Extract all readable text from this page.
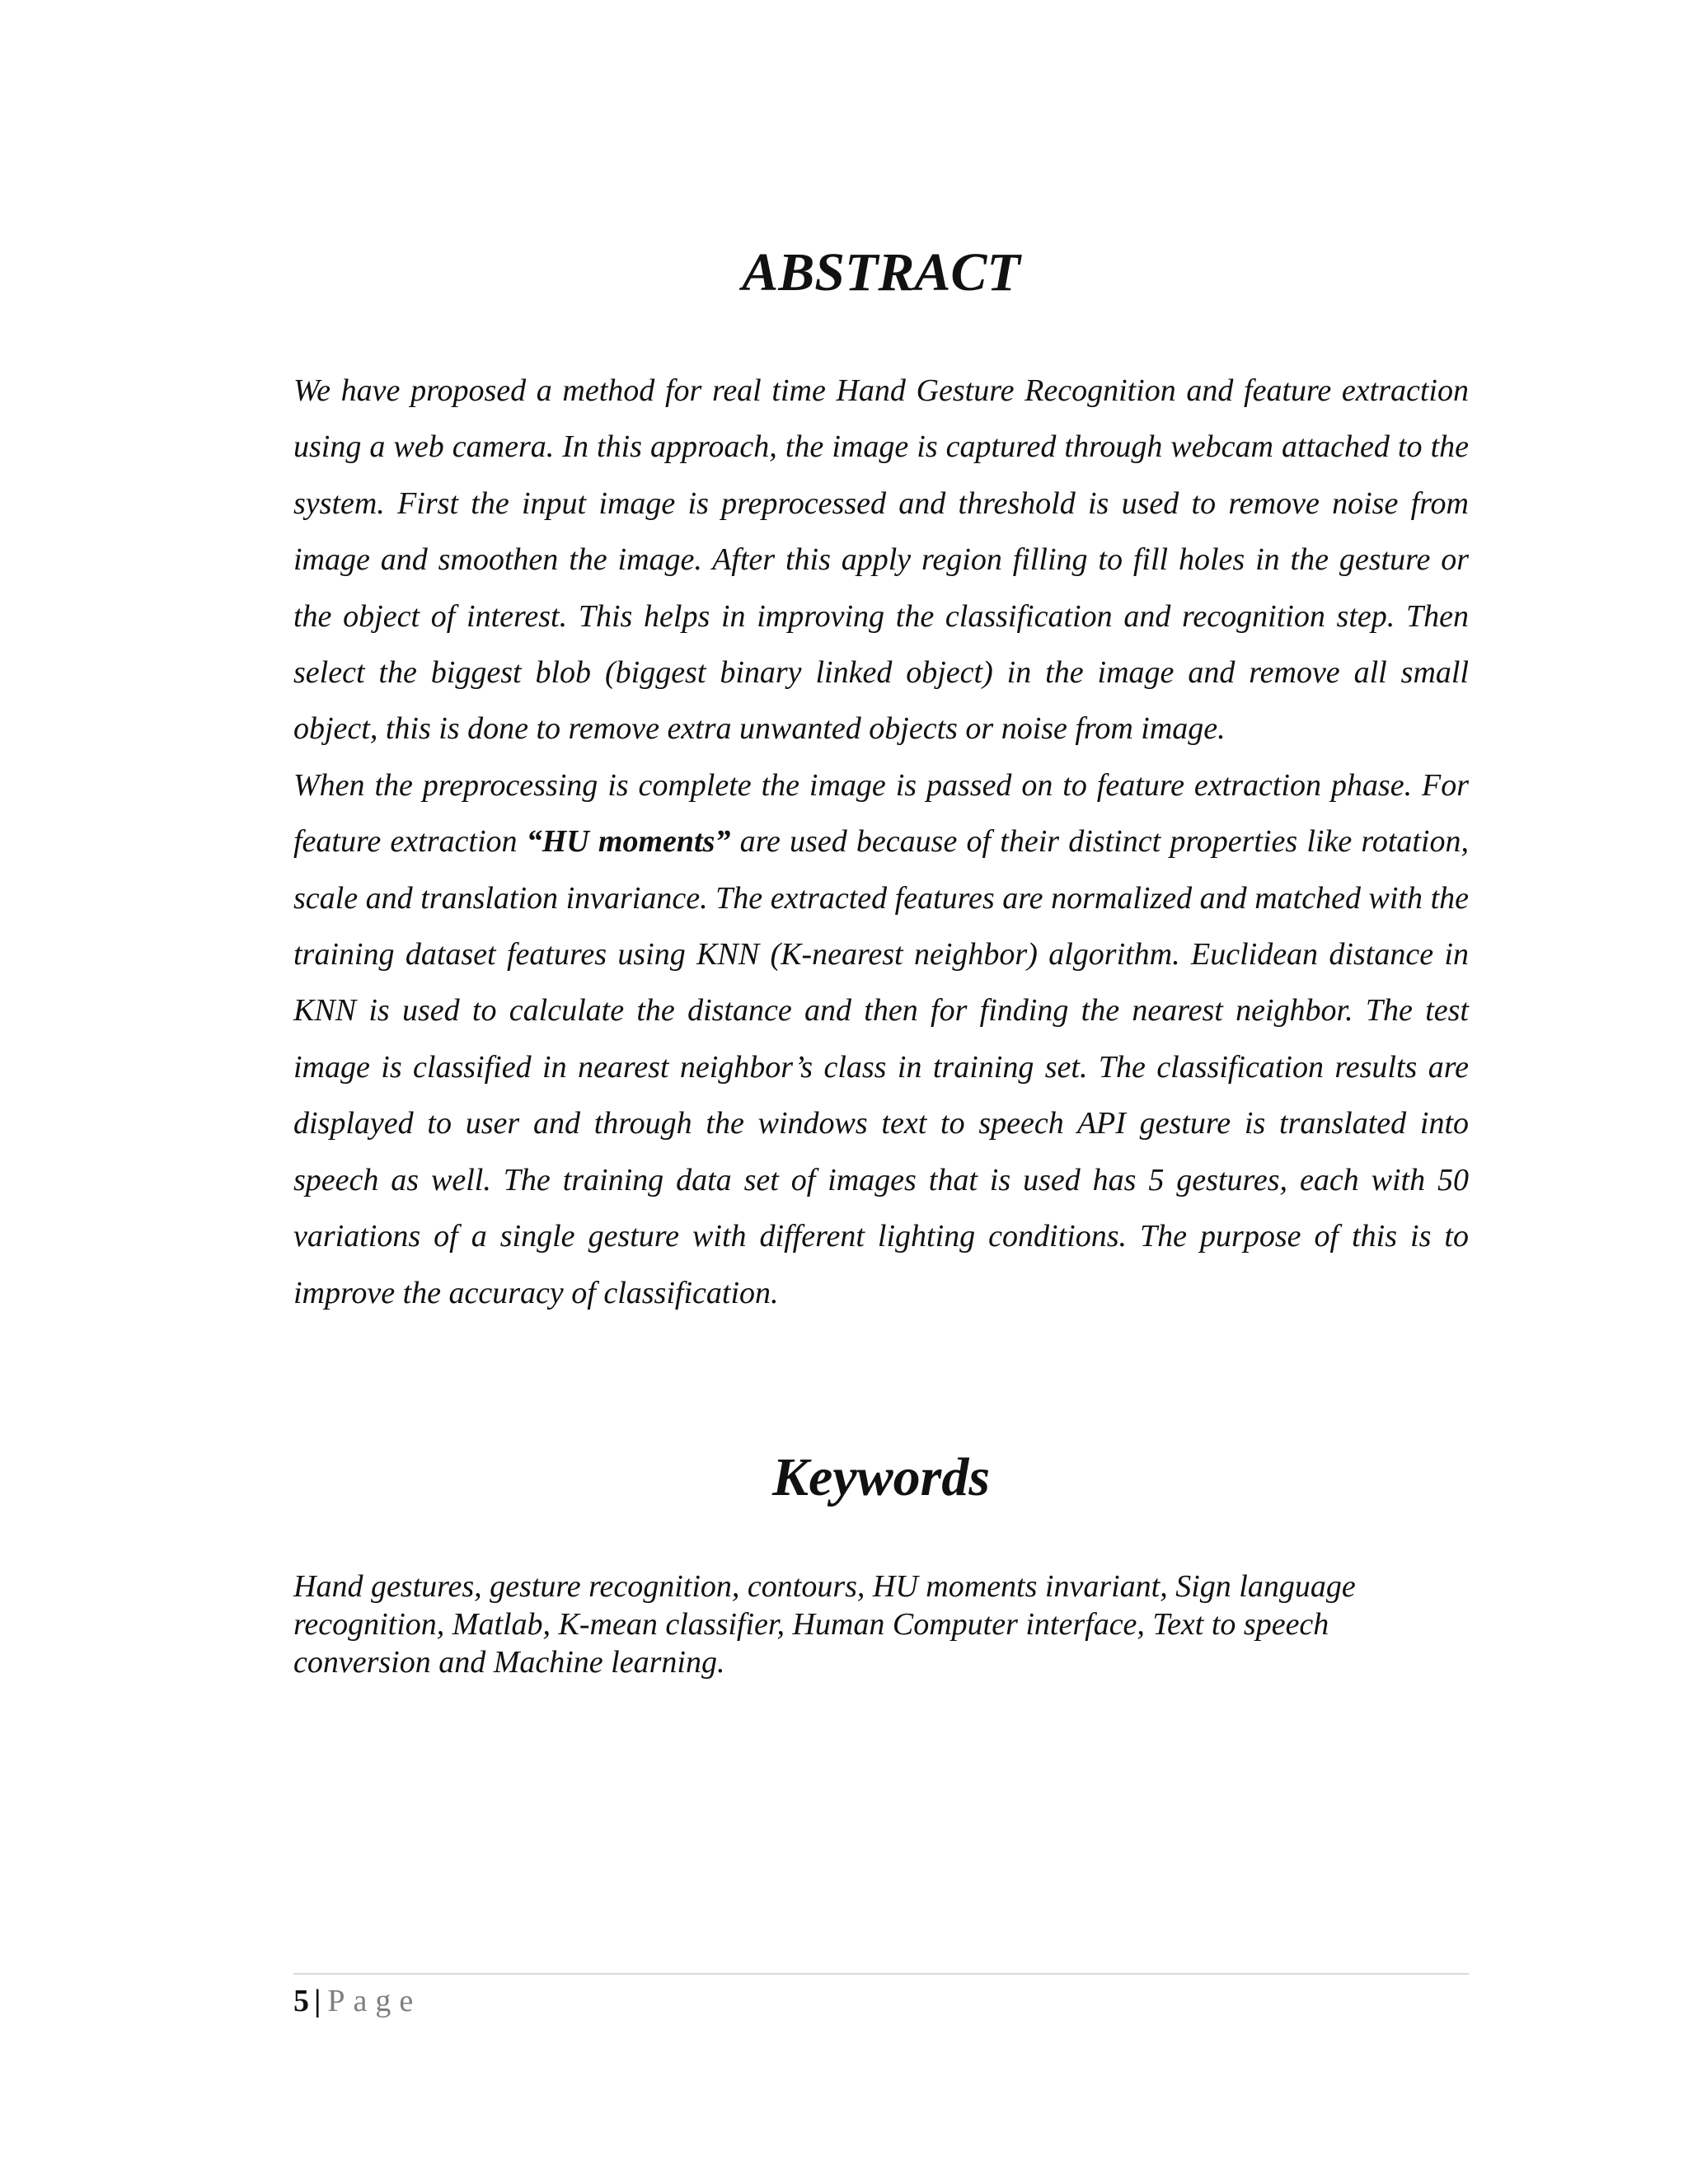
ABSTRACT

We have proposed a method for real time Hand Gesture Recognition and feature extraction using a web camera. In this approach, the image is captured through webcam attached to the system. First the input image is preprocessed and threshold is used to remove noise from image and smoothen the image. After this apply region filling to fill holes in the gesture or the object of interest. This helps in improving the classification and recognition step. Then select the biggest blob (biggest binary linked object) in the image and remove all small object, this is done to remove extra unwanted objects or noise from image.

When the preprocessing is complete the image is passed on to feature extraction phase. For feature extraction “HU moments” are used because of their distinct properties like rotation, scale and translation invariance. The extracted features are normalized and matched with the training dataset features using KNN (K-nearest neighbor) algorithm. Euclidean distance in KNN is used to calculate the distance and then for finding the nearest neighbor. The test image is classified in nearest neighbor’s class in training set. The classification results are displayed to user and through the windows text to speech API gesture is translated into speech as well. The training data set of images that is used has 5 gestures, each with 50 variations of a single gesture with different lighting conditions. The purpose of this is to improve the accuracy of classification.

Keywords

Hand gestures, gesture recognition, contours, HU moments invariant, Sign language recognition, Matlab, K-mean classifier, Human Computer interface, Text to speech conversion and Machine learning.

5 | Page
